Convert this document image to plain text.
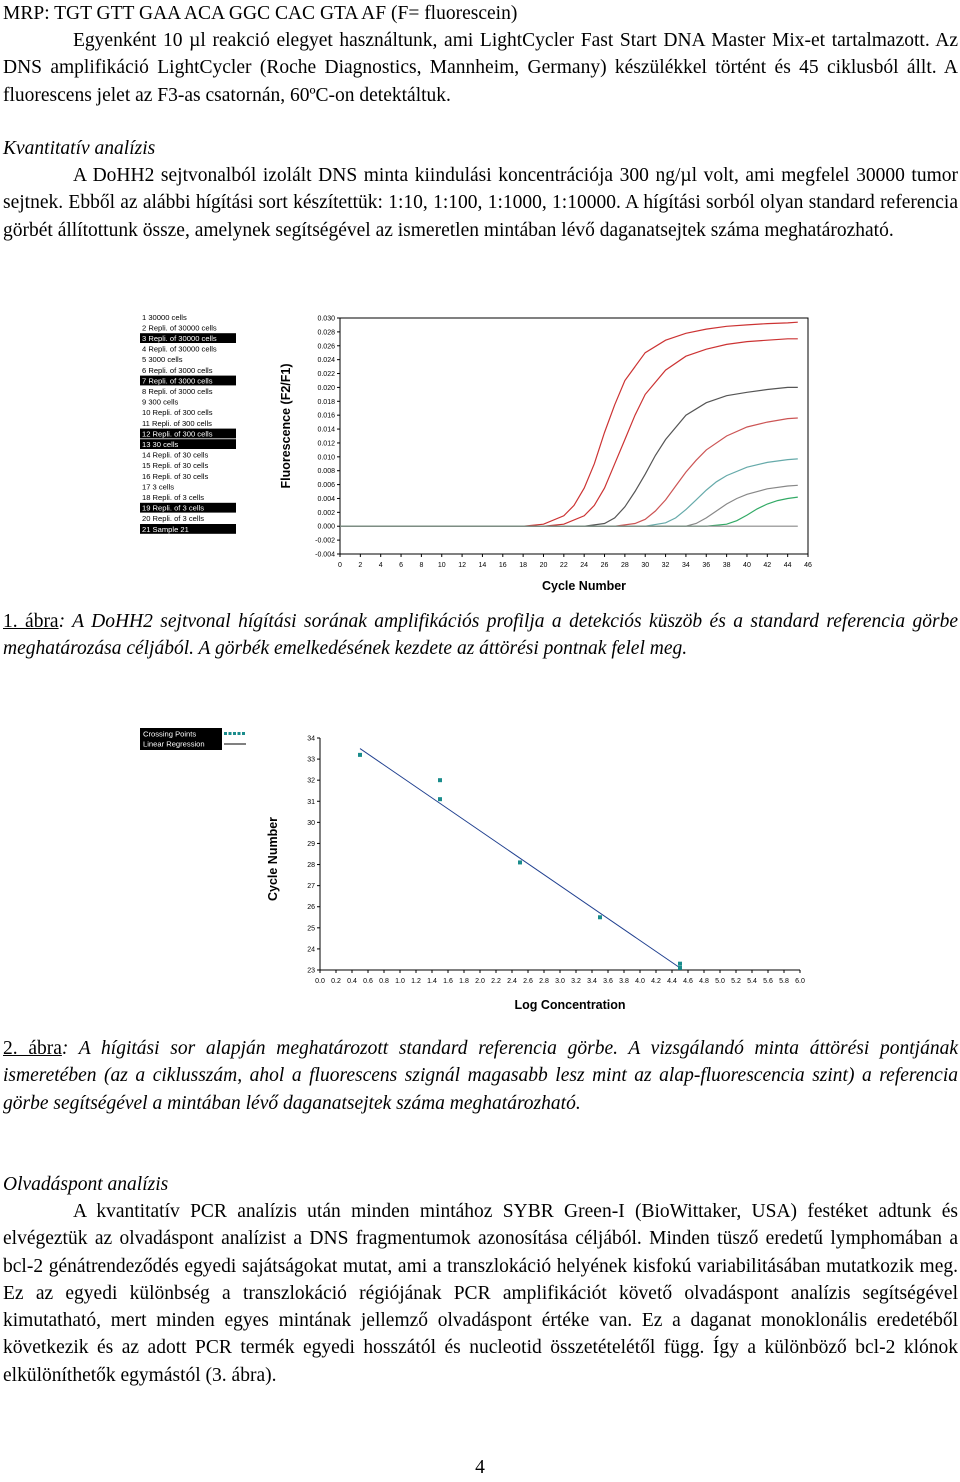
MRP: TGT GTT GAA ACA GGC CAC GTA AF (F= fluorescein)

Egyenként 10 µl reakció elegyet használtunk, ami LightCycler Fast Start DNA Master Mix-et tartalmazott. Az DNS amplifikáció LightCycler (Roche Diagnostics, Mannheim, Germany) készülékkel történt és 45 ciklusból állt. A fluorescens jelet az F3-as csatornán, 60ºC-on detektáltuk.

Kvantitatív analízis

A DoHH2 sejtvonalból izolált DNS minta kiindulási koncentrációja 300 ng/µl volt, ami megfelel 30000 tumor sejtnek. Ebből az alábbi hígítási sort készítettük: 1:10, 1:100, 1:1000, 1:10000. A hígítási sorból olyan standard referencia görbét állítottunk össze, amelynek segítségével az ismeretlen mintában lévő daganatsejtek száma meghatározható.

0.030
0.028
0.026
0.024
0.022
0.020
0.018
0.016
0.014
0.012
0.010
0.008
0.006
0.004
0.002
0.000
-0.002
-0.004
0 2 4 6 8 10 12 14 16 18 20 22 24 26 28 30 32 34 36 38 40 42 44 46
Cycle Number
Fluorescence (F2/F1)
1 30000 cells
2 Repli. of 30000 cells
3 Repli. of 30000 cells
4 Repli. of 30000 cells
5 3000 cells
6 Repli. of 3000 cells
7 Repli. of 3000 cells
8 Repli. of 3000 cells
9 300 cells
10 Repli. of 300 cells
11 Repli. of 300 cells
12 Repli. of 300 cells
13 30 cells
14 Repli. of 30 cells
15 Repli. of 30 cells
16 Repli. of 30 cells
17 3 cells
18 Repli. of 3 cells
19 Repli. of 3 cells
20 Repli. of 3 cells
21 Sample 21

1. ábra: A DoHH2 sejtvonal hígítási sorának amplifikációs profilja a detekciós küszöb és a standard referencia görbe meghatározása céljából. A görbék emelkedésének kezdete az áttörési pontnak felel meg.

34
33
32
31
30
29
28
27
26
25
24
23
0.0 0.2 0.4 0.6 0.8 1.0 1.2 1.4 1.6 1.8 2.0 2.2 2.4 2.6 2.8 3.0 3.2 3.4 3.6 3.8 4.0 4.2 4.4 4.6 4.8 5.0 5.2 5.4 5.6 5.8 6.0
Log Concentration
Cycle Number
Crossing Points
Linear Regression

2. ábra: A hígitási sor alapján meghatározott standard referencia görbe. A vizsgálandó minta áttörési pontjának ismeretében (az a ciklusszám, ahol a fluorescens szignál magasabb lesz mint az alap-fluorescencia szint) a referencia görbe segítségével a mintában lévő daganatsejtek száma meghatározható.

Olvadáspont analízis

A kvantitatív PCR analízis után minden mintához SYBR Green-I (BioWittaker, USA) festéket adtunk és elvégeztük az olvadáspont analízist a DNS fragmentumok azonosítása céljából. Minden tüsző eredetű lymphomában a bcl-2 génátrendeződés egyedi sajátságokat mutat, ami a transzlokáció helyének kisfokú variabilitásában mutatkozik meg. Ez az egyedi különbség a transzlokáció régiójának PCR amplifikációt követő olvadáspont analízis segítségével kimutatható, mert minden egyes mintának jellemző olvadáspont értéke van. Ez a daganat monoklonális eredetéből következik és az adott PCR termék egyedi hosszától és nucleotid összetételétől függ. Így a különböző bcl-2 klónok elkülöníthetők egymástól (3. ábra).

4
